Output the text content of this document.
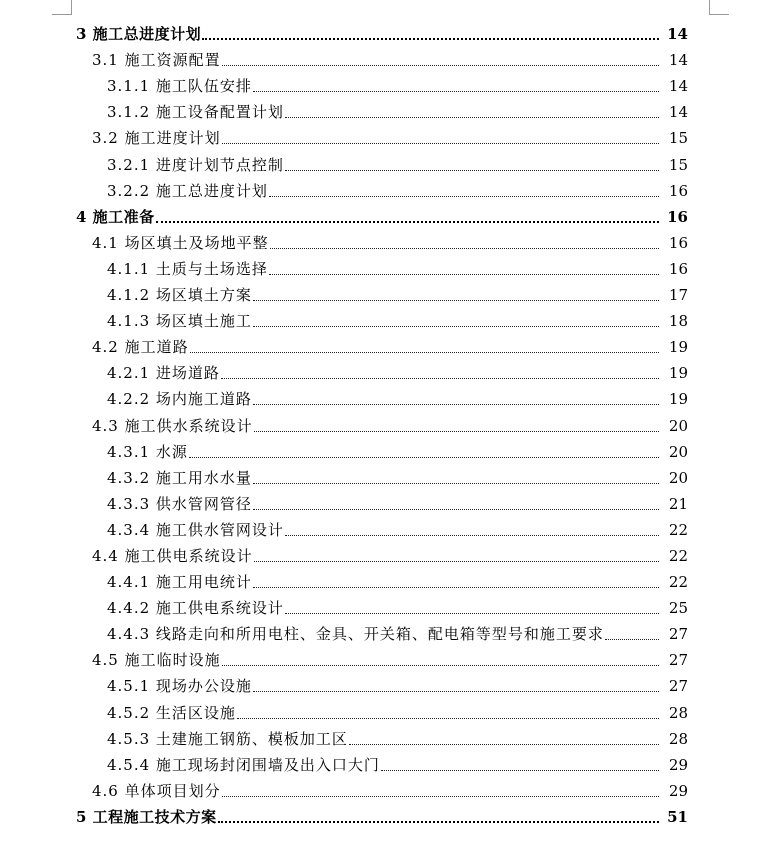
3 施工总进度计划	14
3.1 施工资源配置	14
3.1.1 施工队伍安排	14
3.1.2 施工设备配置计划	14
3.2 施工进度计划	15
3.2.1 进度计划节点控制	15
3.2.2 施工总进度计划	16
4 施工准备	16
4.1 场区填土及场地平整	16
4.1.1 土质与土场选择	16
4.1.2 场区填土方案	17
4.1.3 场区填土施工	18
4.2 施工道路	19
4.2.1 进场道路	19
4.2.2 场内施工道路	19
4.3 施工供水系统设计	20
4.3.1 水源	20
4.3.2 施工用水水量	20
4.3.3 供水管网管径	21
4.3.4 施工供水管网设计	22
4.4 施工供电系统设计	22
4.4.1 施工用电统计	22
4.4.2 施工供电系统设计	25
4.4.3 线路走向和所用电柱、金具、开关箱、配电箱等型号和施工要求	27
4.5 施工临时设施	27
4.5.1 现场办公设施	27
4.5.2 生活区设施	28
4.5.3 土建施工钢筋、模板加工区	28
4.5.4 施工现场封闭围墙及出入口大门	29
4.6 单体项目划分	29
5 工程施工技术方案	51
